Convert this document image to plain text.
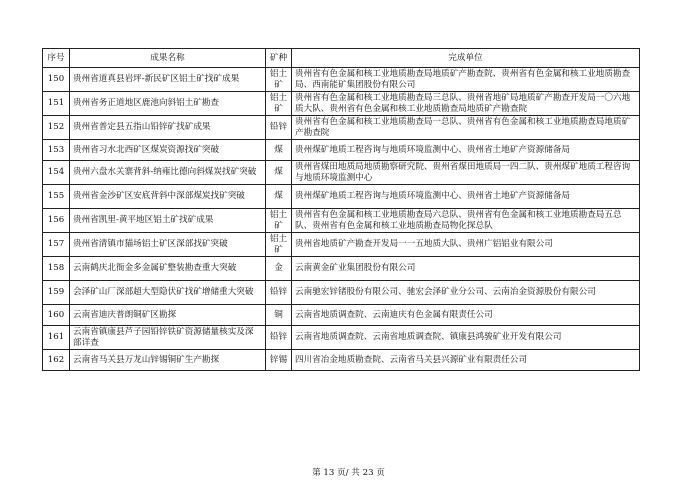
序号	成果名称	矿种	完成单位
150	贵州省道真县岩坪-新民矿区铝土矿找矿成果	铝土矿	贵州省有色金属和核工业地质勘查局地质矿产勘查院、贵州省有色金属和核工业地质勘查局、西南能矿集团股份有限公司
151	贵州省务正道地区鹿池向斜铝土矿勘查	铝土矿	贵州省有色金属和核工业地质勘查局三总队、贵州省地矿局地质矿产勘查开发局一〇六地质大队、贵州省有色金属和核工业地质勘查局地质矿产勘查院
152	贵州省普定县五指山铅锌矿找矿成果	铅锌	贵州省有色金属和核工业地质勘查局一总队、贵州省有色金属和核工业地质勘查局地质矿产勘查院
153	贵州省习水北西矿区煤炭资源找矿突破	煤	贵州煤矿地质工程咨询与地质环境监测中心、贵州省土地矿产资源储备局
154	贵州六盘水关寨背斜-纳雍比德向斜煤炭找矿突破	煤	贵州省煤田地质局地质勘察研究院、贵州省煤田地质局一四二队、贵州煤矿地质工程咨询与地质环境监测中心
155	贵州省金沙矿区安底背斜中深部煤炭找矿突破	煤	贵州煤矿地质工程咨询与地质环境监测中心、贵州省土地矿产资源储备局
156	贵州省凯里-黄平地区铝土矿找矿成果	铝土矿	贵州省有色金属和核工业地质勘查局六总队、贵州省有色金属和核工业地质勘查局五总队、贵州省有色金属和核工业地质勘查局物化探总队
157	贵州省清镇市猫场铝土矿区深部找矿突破	铝土矿	贵州省地质矿产勘查开发局一一五地质大队、贵州广铝铝业有限公司
158	云南鹤庆北衙金多金属矿整装勘查重大突破	金	云南黄金矿业集团股份有限公司
159	会泽矿山厂深部超大型隐伏矿找矿增储重大突破	铅锌	云南驰宏锌锗股份有限公司、驰宏会泽矿业分公司、云南冶金资源股份有限公司
160	云南省迪庆普朗铜矿区勘探	铜	云南省地质调查院、云南迪庆有色金属有限责任公司
161	云南省镇康县芦子园铅锌铁矿资源储量核实及深部详查	铅锌	云南省地质调查院、云南省地质调查院、镇康县鸿骏矿业开发有限公司
162	云南省马关县万龙山锌锡铜矿生产勘探	锌锡	四川省冶金地质勘查院、云南省马关县兴源矿业有限责任公司
第 13 页/ 共 23 页
